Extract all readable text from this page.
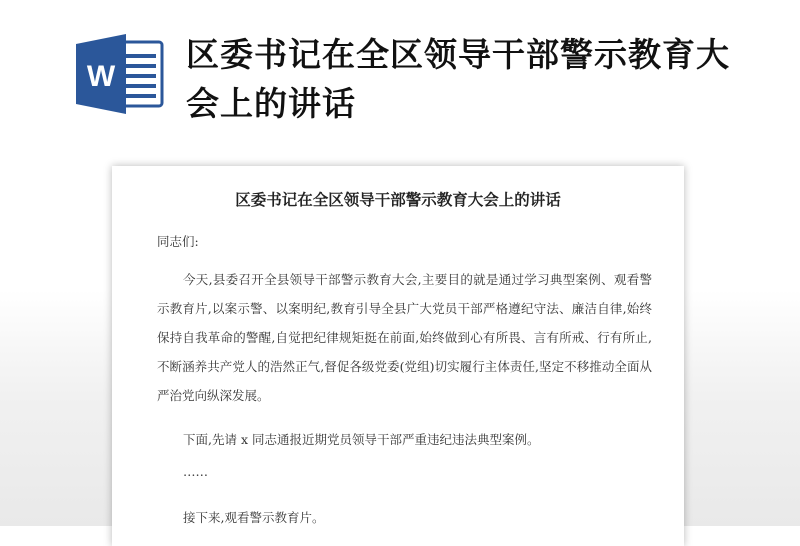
W
区委书记在全区领导干部警示教育大会上的讲话
区委书记在全区领导干部警示教育大会上的讲话
同志们:
今天,县委召开全县领导干部警示教育大会,主要目的就是通过学习典型案例、观看警示教育片,以案示警、以案明纪,教育引导全县广大党员干部严格遵纪守法、廉洁自律,始终保持自我革命的警醒,自觉把纪律规矩挺在前面,始终做到心有所畏、言有所戒、行有所止,不断涵养共产党人的浩然正气,督促各级党委(党组)切实履行主体责任,坚定不移推动全面从严治党向纵深发展。
下面,先请 x 同志通报近期党员领导干部严重违纪违法典型案例。
……
接下来,观看警示教育片。
